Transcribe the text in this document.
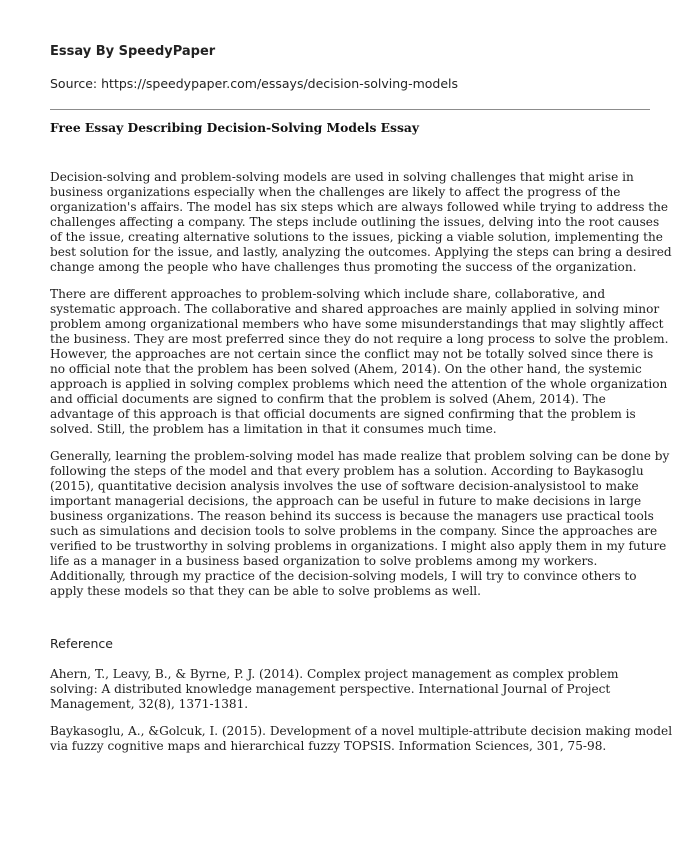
Essay By SpeedyPaper
Source: https://speedypaper.com/essays/decision-solving-models
Free Essay Describing Decision-Solving Models Essay

Decision-solving and problem-solving models are used in solving challenges that might arise in
business organizations especially when the challenges are likely to affect the progress of the
organization's affairs. The model has six steps which are always followed while trying to address the
challenges affecting a company. The steps include outlining the issues, delving into the root causes
of the issue, creating alternative solutions to the issues, picking a viable solution, implementing the
best solution for the issue, and lastly, analyzing the outcomes. Applying the steps can bring a desired
change among the people who have challenges thus promoting the success of the organization.

There are different approaches to problem-solving which include share, collaborative, and
systematic approach. The collaborative and shared approaches are mainly applied in solving minor
problem among organizational members who have some misunderstandings that may slightly affect
the business. They are most preferred since they do not require a long process to solve the problem.
However, the approaches are not certain since the conflict may not be totally solved since there is
no official note that the problem has been solved (Ahem, 2014). On the other hand, the systemic
approach is applied in solving complex problems which need the attention of the whole organization
and official documents are signed to confirm that the problem is solved (Ahem, 2014). The
advantage of this approach is that official documents are signed confirming that the problem is
solved. Still, the problem has a limitation in that it consumes much time.

Generally, learning the problem-solving model has made realize that problem solving can be done by
following the steps of the model and that every problem has a solution. According to Baykasoglu
(2015), quantitative decision analysis involves the use of software decision-analysistool to make
important managerial decisions, the approach can be useful in future to make decisions in large
business organizations. The reason behind its success is because the managers use practical tools
such as simulations and decision tools to solve problems in the company. Since the approaches are
verified to be trustworthy in solving problems in organizations. I might also apply them in my future
life as a manager in a business based organization to solve problems among my workers.
Additionally, through my practice of the decision-solving models, I will try to convince others to
apply these models so that they can be able to solve problems as well.

Reference

Ahern, T., Leavy, B., & Byrne, P. J. (2014). Complex project management as complex problem
solving: A distributed knowledge management perspective. International Journal of Project
Management, 32(8), 1371-1381.

Baykasoglu, A., &Golcuk, I. (2015). Development of a novel multiple-attribute decision making model
via fuzzy cognitive maps and hierarchical fuzzy TOPSIS. Information Sciences, 301, 75-98.
